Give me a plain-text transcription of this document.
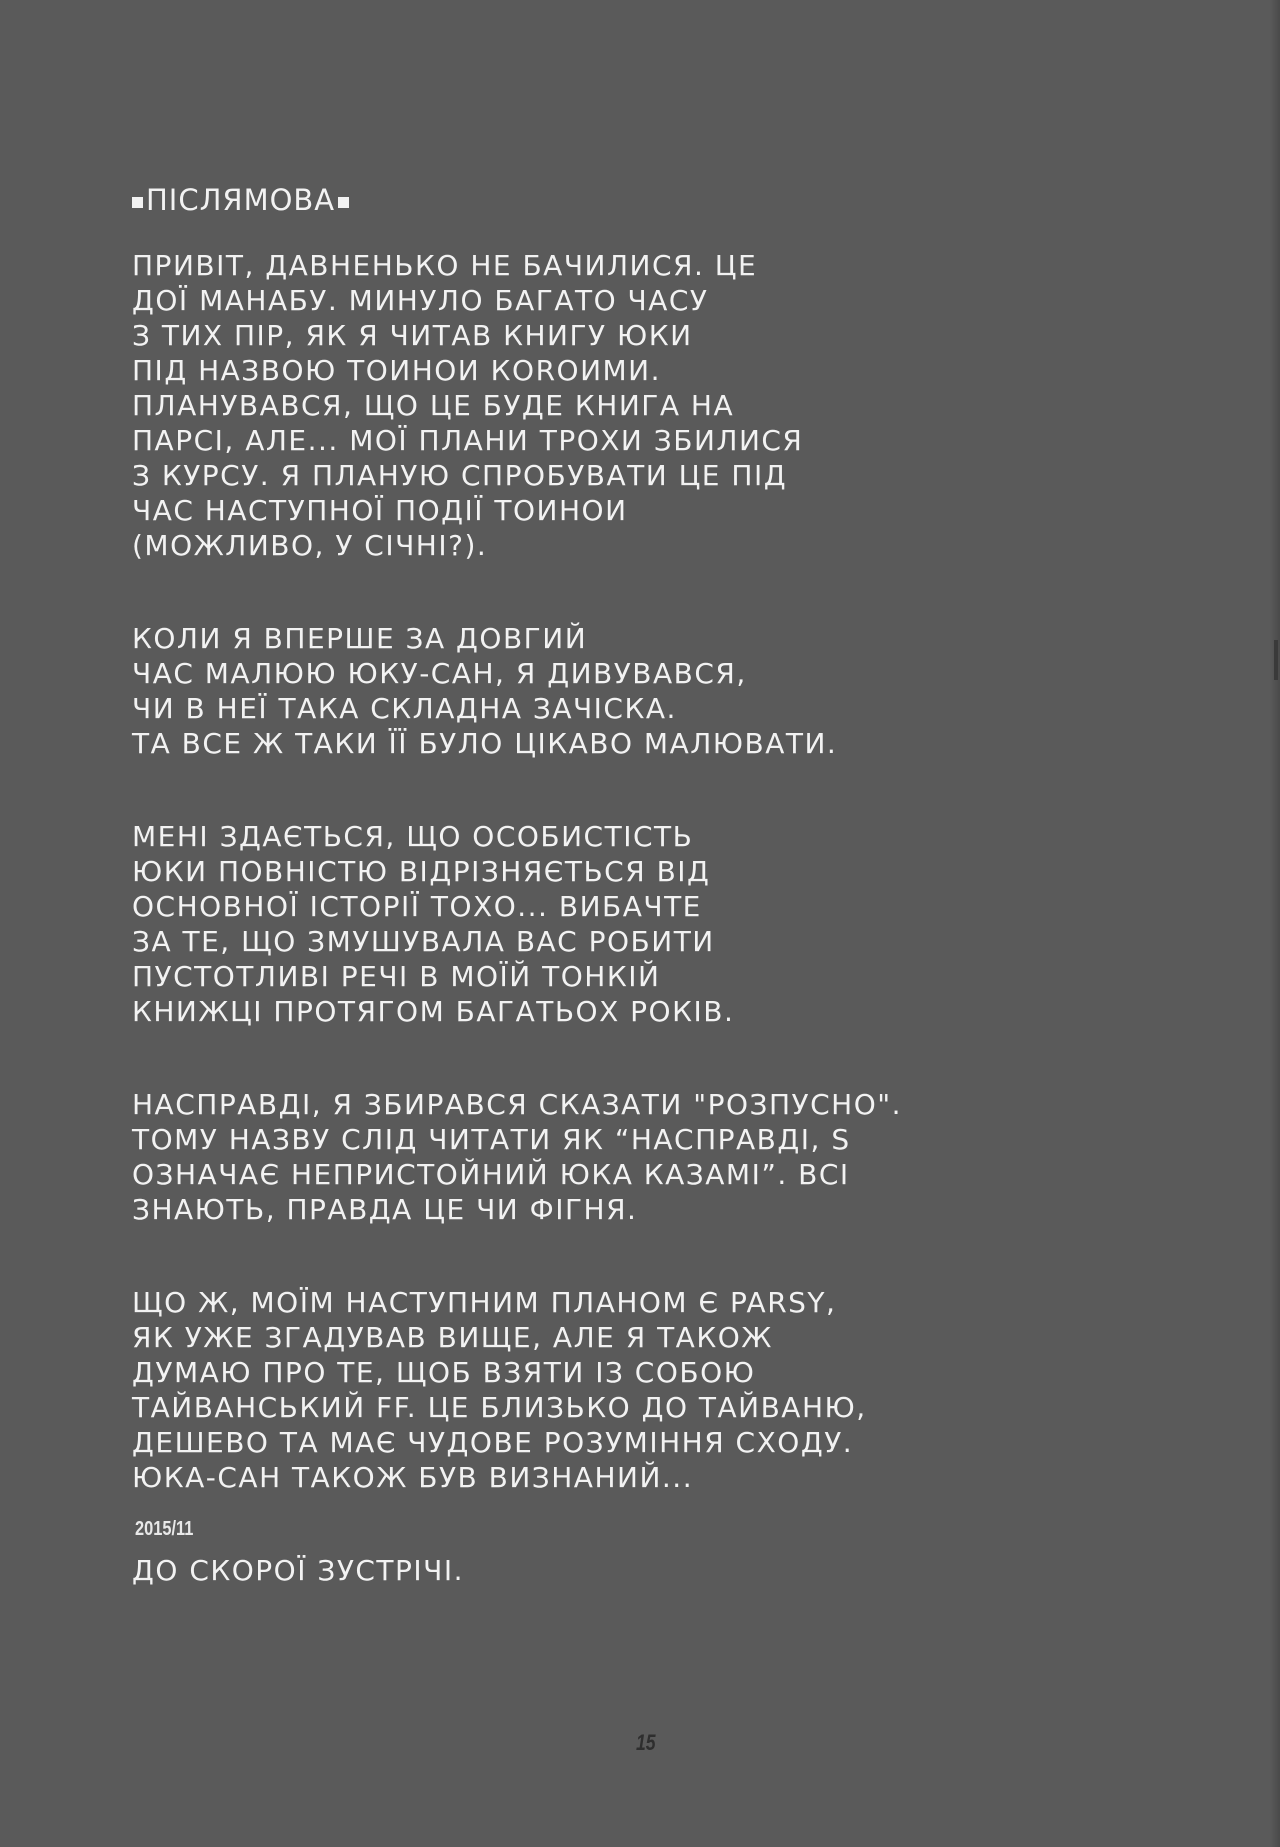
ПІСЛЯМОВА
ПРИВІТ, ДАВНЕНЬКО НЕ БАЧИЛИСЯ. ЦЕ
ДОЇ МАНАБУ. МИНУЛО БАГАТО ЧАСУ
З ТИХ ПІР, ЯК Я ЧИТАВ КНИГУ ЮКИ
ПІД НАЗВОЮ ТОИНОИ КОROИМИ.
ПЛАНУВАВСЯ, ЩО ЦЕ БУДЕ КНИГА НА
ПАРСІ, АЛЕ... МОЇ ПЛАНИ ТРОХИ ЗБИЛИСЯ
З КУРСУ. Я ПЛАНУЮ СПРОБУВАТИ ЦЕ ПІД
ЧАС НАСТУПНОЇ ПОДІЇ ТОИНОИ
(МОЖЛИВО, У СІЧНІ?).
КОЛИ Я ВПЕРШЕ ЗА ДОВГИЙ
ЧАС МАЛЮЮ ЮКУ-САН, Я ДИВУВАВСЯ,
ЧИ В НЕЇ ТАКА СКЛАДНА ЗАЧІСКА.
ТА ВСЕ Ж ТАКИ ЇЇ БУЛО ЦІКАВО МАЛЮВАТИ.
МЕНІ ЗДАЄТЬСЯ, ЩО ОСОБИСТІСТЬ
ЮКИ ПОВНІСТЮ ВІДРІЗНЯЄТЬСЯ ВІД
ОСНОВНОЇ ІСТОРІЇ ТОХО... ВИБАЧТЕ
ЗА ТЕ, ЩО ЗМУШУВАЛА ВАС РОБИТИ
ПУСТОТЛИВІ РЕЧІ В МОЇЙ ТОНКІЙ
КНИЖЦІ ПРОТЯГОМ БАГАТЬОХ РОКІВ.
НАСПРАВДІ, Я ЗБИРАВСЯ СКАЗАТИ "РОЗПУСНО".
ТОМУ НАЗВУ СЛІД ЧИТАТИ ЯК “НАСПРАВДІ, S
ОЗНАЧАЄ НЕПРИСТОЙНИЙ ЮКА КАЗАМІ”. ВСІ
ЗНАЮТЬ, ПРАВДА ЦЕ ЧИ ФІГНЯ.
ЩО Ж, МОЇМ НАСТУПНИМ ПЛАНОМ Є PARSY,
ЯК УЖЕ ЗГАДУВАВ ВИЩЕ, АЛЕ Я ТАКОЖ
ДУМАЮ ПРО ТЕ, ЩОБ ВЗЯТИ ІЗ СОБОЮ
ТАЙВАНСЬКИЙ FF. ЦЕ БЛИЗЬКО ДО ТАЙВАНЮ,
ДЕШЕВО ТА МАЄ ЧУДОВЕ РОЗУМІННЯ СХОДУ.
ЮКА-САН ТАКОЖ БУВ ВИЗНАНИЙ...
ДО СКОРОЇ ЗУСТРІЧІ.
2015/11
15
